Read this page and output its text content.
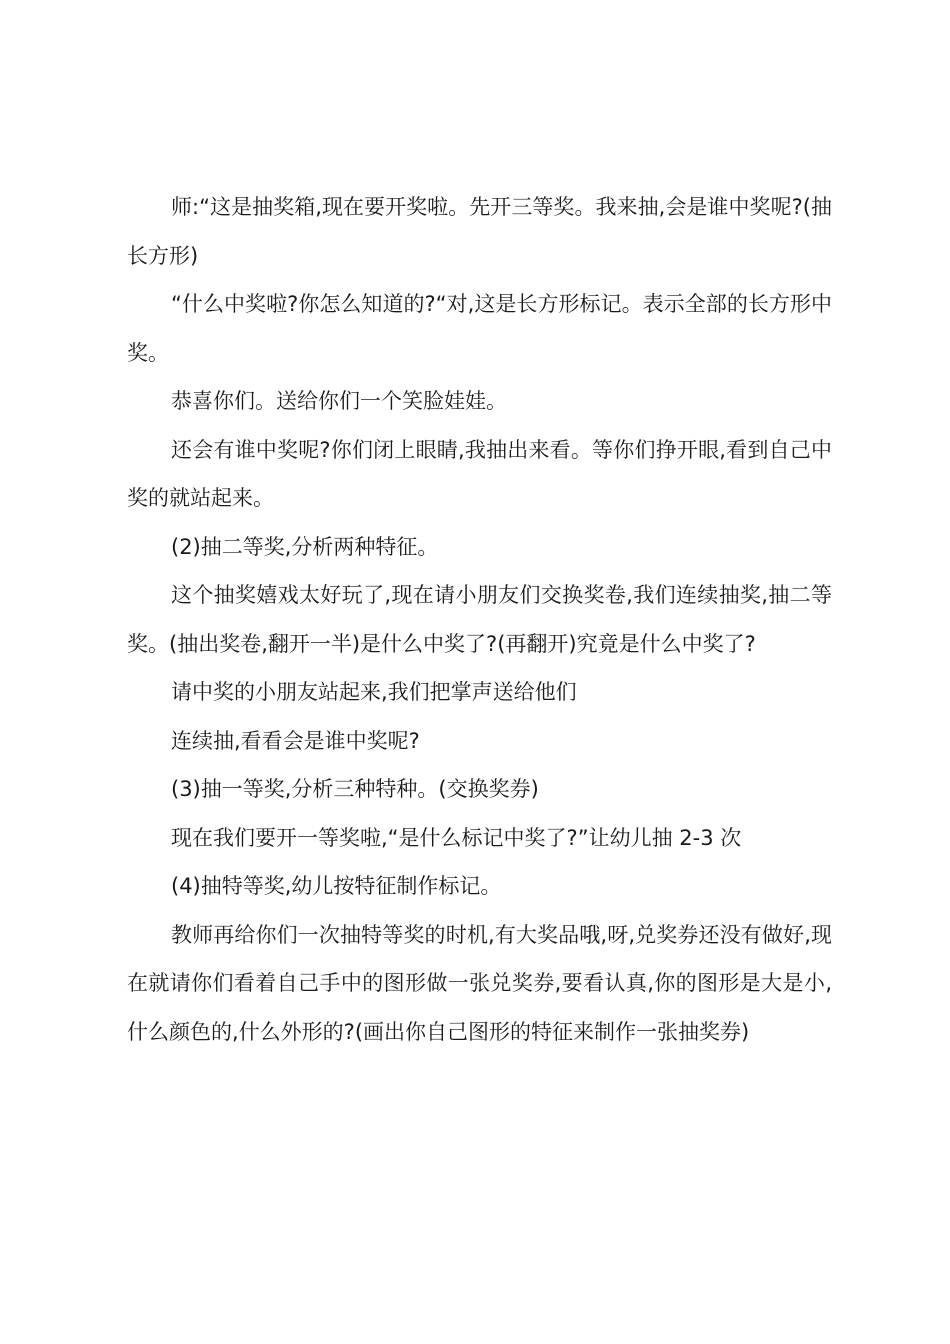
师:“这是抽奖箱,现在要开奖啦。先开三等奖。我来抽,会是谁中奖呢?(抽长方形)

“什么中奖啦?你怎么知道的?“对,这是长方形标记。表示全部的长方形中奖。

恭喜你们。送给你们一个笑脸娃娃。

还会有谁中奖呢?你们闭上眼睛,我抽出来看。等你们挣开眼,看到自己中奖的就站起来。

(2)抽二等奖,分析两种特征。

这个抽奖嬉戏太好玩了,现在请小朋友们交换奖卷,我们连续抽奖,抽二等奖。(抽出奖卷,翻开一半)是什么中奖了?(再翻开)究竟是什么中奖了?

请中奖的小朋友站起来,我们把掌声送给他们

连续抽,看看会是谁中奖呢?

(3)抽一等奖,分析三种特种。(交换奖券)

现在我们要开一等奖啦,“是什么标记中奖了?”让幼儿抽 2-3 次

(4)抽特等奖,幼儿按特征制作标记。

教师再给你们一次抽特等奖的时机,有大奖品哦,呀,兑奖券还没有做好,现在就请你们看着自己手中的图形做一张兑奖券,要看认真,你的图形是大是小,什么颜色的,什么外形的?(画出你自己图形的特征来制作一张抽奖券)
